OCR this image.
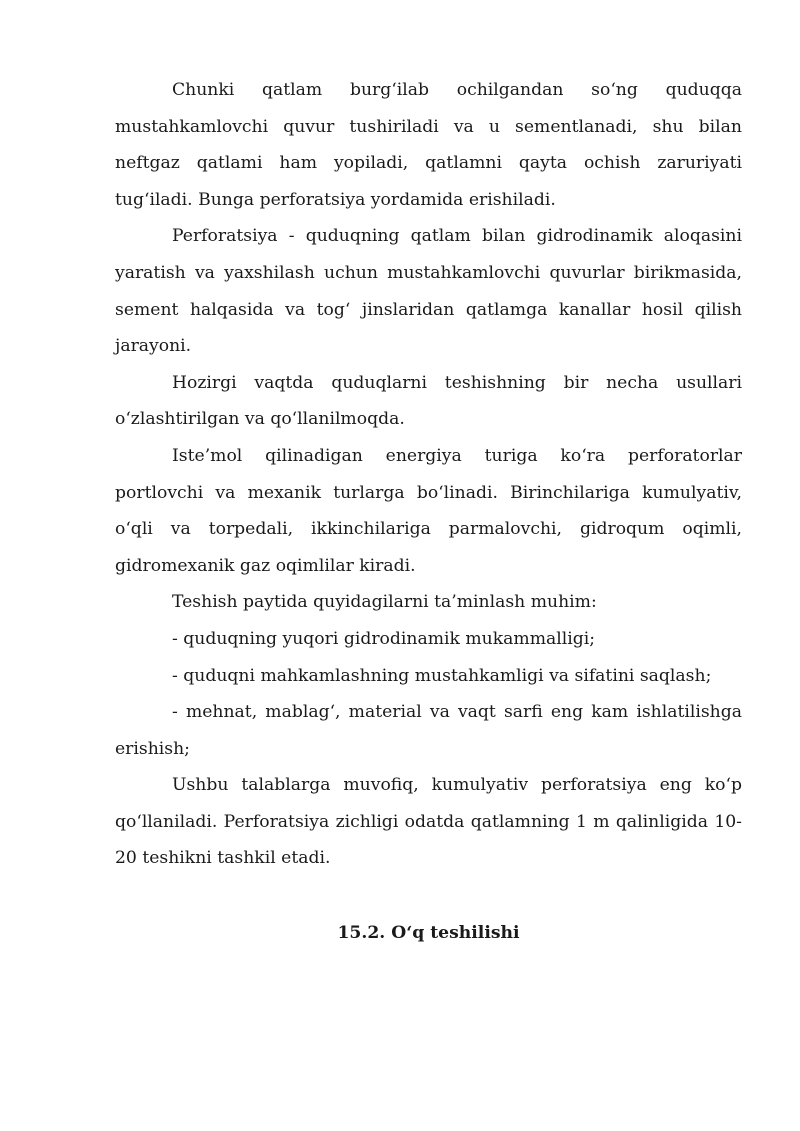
Chunki qatlam burg‘ilab ochilgandan so‘ng quduqqa mustahkamlovchi quvur tushiriladi va u sementlanadi, shu bilan neftgaz qatlami ham yopiladi, qatlamni qayta ochish zaruriyati tug‘iladi. Bunga perforatsiya yordamida erishiladi.

Perforatsiya - quduqning qatlam bilan gidrodinamik aloqasini yaratish va yaxshilash uchun mustahkamlovchi quvurlar birikmasida, sement halqasida va tog‘ jinslaridan qatlamga kanallar hosil qilish jarayoni.

Hozirgi vaqtda quduqlarni teshishning bir necha usullari o‘zlashtirilgan va qo‘llanilmoqda.

Iste’mol qilinadigan energiya turiga ko‘ra perforatorlar portlovchi va mexanik turlarga bo‘linadi. Birinchilariga kumulyativ, o‘qli va torpedali, ikkinchilariga parmalovchi, gidroqum oqimli, gidromexanik gaz oqimlilar kiradi.

Teshish paytida quyidagilarni ta’minlash muhim:

- quduqning yuqori gidrodinamik mukammalligi;

- quduqni mahkamlashning mustahkamligi va sifatini saqlash;

- mehnat, mablag‘, material va vaqt sarfi eng kam ishlatilishga erishish;

Ushbu talablarga muvofiq, kumulyativ perforatsiya eng ko‘p qo‘llaniladi. Perforatsiya zichligi odatda qatlamning 1 m qalinligida 10-20 teshikni tashkil etadi.

15.2. O‘q teshilishi
